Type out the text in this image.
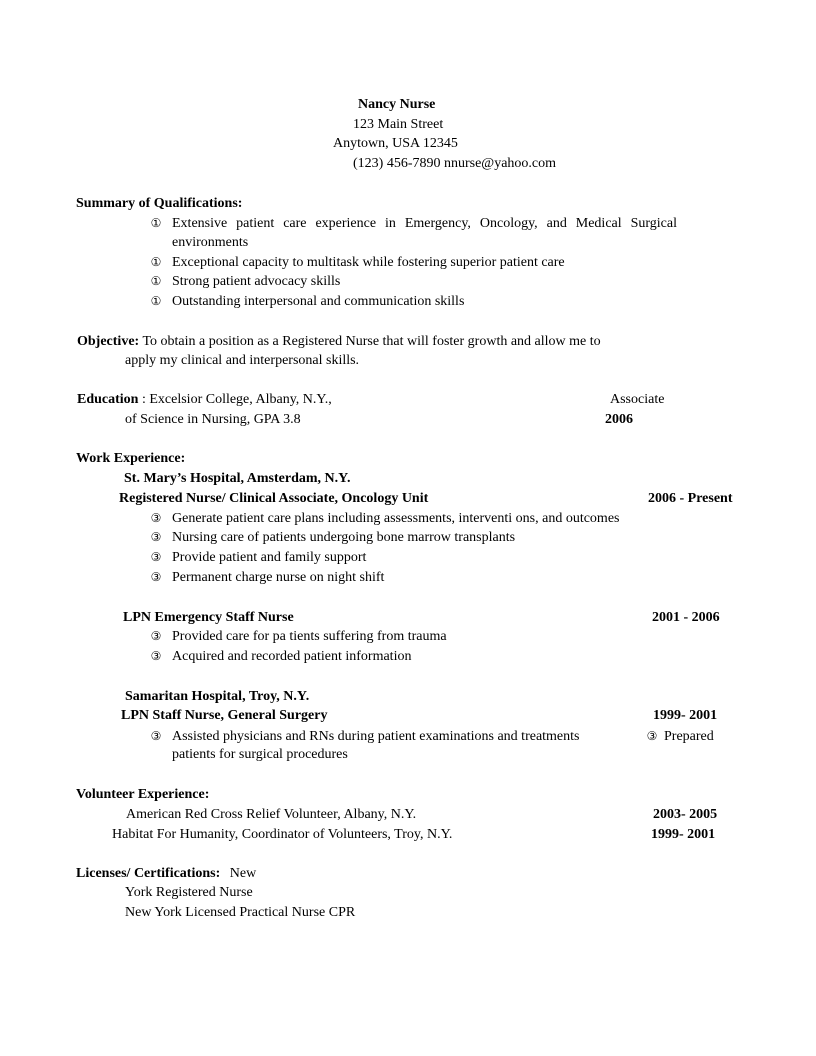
Nancy Nurse
123 Main Street
Anytown, USA 12345
(123) 456-7890 nnurse@yahoo.com
Summary of Qualifications:
① Extensive patient care experience in Emergency, Oncology, and Medical Surgical environments
① Exceptional capacity to multitask while fostering superior patient care
① Strong patient advocacy skills
① Outstanding interpersonal and communication skills
Objective: To obtain a position as a Registered Nurse that will foster growth and allow me to
apply my clinical and interpersonal skills.
Education : Excelsior College, Albany, N.Y.,	Associate
of Science in Nursing, GPA 3.8	2006
Work Experience:
St. Mary’s Hospital, Amsterdam, N.Y.
Registered Nurse/ Clinical Associate, Oncology Unit	2006 - Present
③ Generate patient care plans including assessments, interventi ons, and outcomes
③ Nursing care of patients undergoing bone marrow transplants
③ Provide patient and family support
③ Permanent charge nurse on night shift
LPN Emergency Staff Nurse	2001 - 2006
③ Provided care for pa tients suffering from trauma
③ Acquired and recorded patient information
Samaritan Hospital, Troy, N.Y.
LPN Staff Nurse, General Surgery	1999- 2001
③ Assisted physicians and RNs during patient examinations and treatments	③ Prepared
patients for surgical procedures
Volunteer Experience:
American Red Cross Relief Volunteer, Albany, N.Y.	2003- 2005
Habitat For Humanity, Coordinator of Volunteers, Troy, N.Y.	1999- 2001
Licenses/ Certifications: New
York Registered Nurse
New York Licensed Practical Nurse CPR
